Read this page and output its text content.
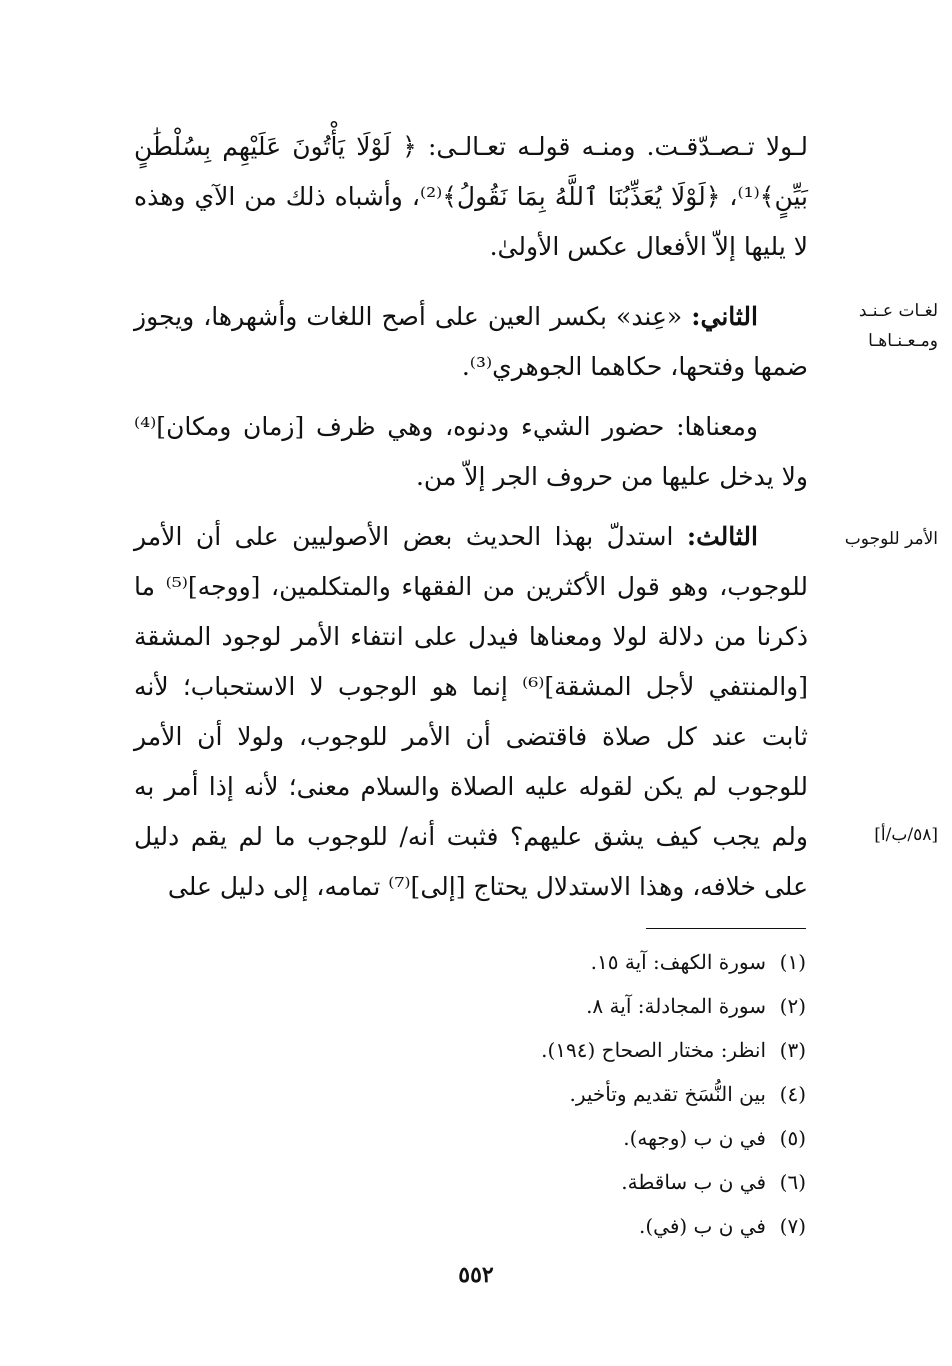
لـولا تـصـدّقـت. ومنـه قولـه تعـالـى: ﴿ لَوْلَا يَأْتُونَ عَلَيْهِم بِسُلْطَٰنٍ بَيِّنٍ﴾⁽¹⁾، ﴿لَوْلَا يُعَذِّبُنَا ٱللَّهُ بِمَا نَقُولُ﴾⁽²⁾، وأشباه ذلك من الآي وهذه لا يليها إلاّ الأفعال عكس الأولىٰ.

لغـات عـنـد
ومـعـنـاهـا

  الثاني: «عِند» بكسر العين على أصح اللغات وأشهرها، ويجوز ضمها وفتحها، حكاهما الجوهري⁽³⁾.

  ومعناها: حضور الشيء ودنوه، وهي ظرف [زمان ومكان]⁽⁴⁾ ولا يدخل عليها من حروف الجر إلاّ من.

الأمر للوجوب

  الثالث: استدلّ بهذا الحديث بعض الأصوليين على أن الأمر للوجوب، وهو قول الأكثرين من الفقهاء والمتكلمين، [ووجه]⁽⁵⁾ ما ذكرنا من دلالة لولا ومعناها فيدل على انتفاء الأمر لوجود المشقة [والمنتفي لأجل المشقة]⁽⁶⁾ إنما هو الوجوب لا الاستحباب؛ لأنه ثابت عند كل صلاة فاقتضى أن الأمر للوجوب، ولولا أن الأمر للوجوب لم يكن لقوله عليه الصلاة والسلام معنى؛ لأنه إذا أمر به ولم يجب كيف يشق عليهم؟ فثبت أنه/ للوجوب ما لم يقم دليل على خلافه، وهذا الاستدلال يحتاج [إلى]⁽⁷⁾ تمامه، إلى دليل على

[٥٨/ب/أ]
(١)سورة الكهف: آية ١٥.
(٢)سورة المجادلة: آية ٨.
(٣)انظر: مختار الصحاح (١٩٤).
(٤)بين النُّسَخ تقديم وتأخير.
(٥)في ن ب (وجهه).
(٦)في ن ب ساقطة.
(٧)في ن ب (في).
٥٥٢
